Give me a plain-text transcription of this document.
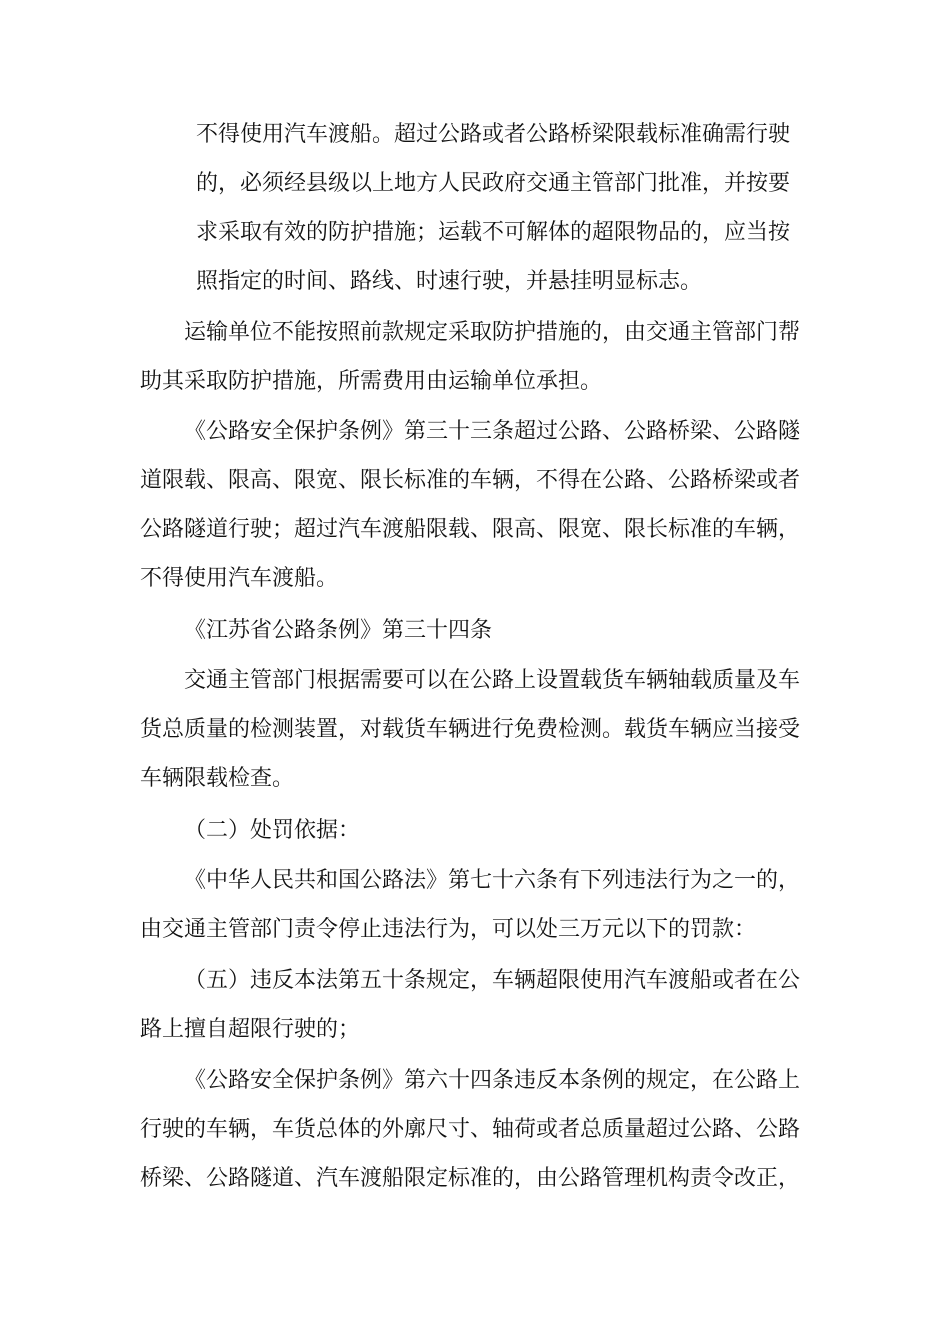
不得使用汽车渡船。超过公路或者公路桥梁限载标准确需行驶

的，必须经县级以上地方人民政府交通主管部门批准，并按要

求采取有效的防护措施；运载不可解体的超限物品的，应当按

照指定的时间、路线、时速行驶，并悬挂明显标志。

运输单位不能按照前款规定采取防护措施的，由交通主管部门帮

助其采取防护措施，所需费用由运输单位承担。

《公路安全保护条例》第三十三条超过公路、公路桥梁、公路隧

道限载、限高、限宽、限长标准的车辆，不得在公路、公路桥梁或者

公路隧道行驶；超过汽车渡船限载、限高、限宽、限长标准的车辆，

不得使用汽车渡船。

《江苏省公路条例》第三十四条

交通主管部门根据需要可以在公路上设置载货车辆轴载质量及车

货总质量的检测装置，对载货车辆进行免费检测。载货车辆应当接受

车辆限载检查。

（二）处罚依据：

《中华人民共和国公路法》第七十六条有下列违法行为之一的，

由交通主管部门责令停止违法行为，可以处三万元以下的罚款：

（五）违反本法第五十条规定，车辆超限使用汽车渡船或者在公

路上擅自超限行驶的；

《公路安全保护条例》第六十四条违反本条例的规定，在公路上

行驶的车辆，车货总体的外廓尺寸、轴荷或者总质量超过公路、公路

桥梁、公路隧道、汽车渡船限定标准的，由公路管理机构责令改正，
